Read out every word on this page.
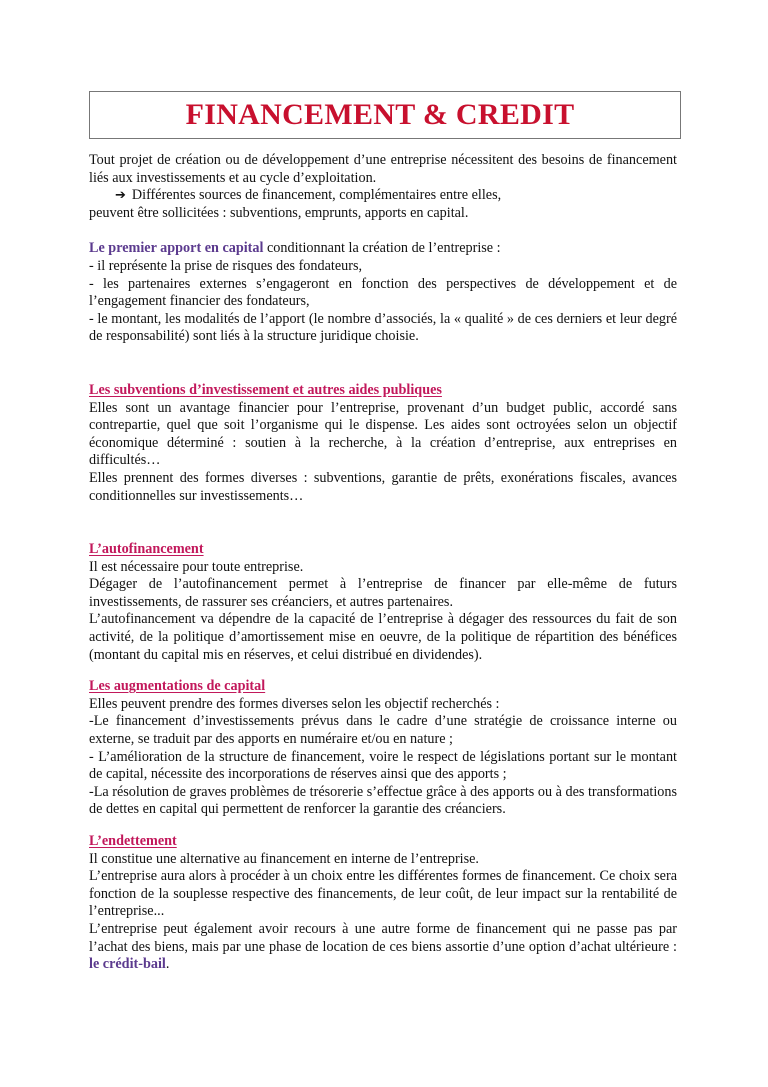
FINANCEMENT & CREDIT

Tout projet de création ou de développement d’une entreprise nécessitent des besoins de financement liés aux investissements et au cycle d’exploitation.

➔ Différentes sources de financement, complémentaires entre elles,

peuvent être sollicitées : subventions, emprunts, apports en capital.

Le premier apport en capital conditionnant la création de l’entreprise :

- il représente la prise de risques des fondateurs,

- les partenaires externes s’engageront en fonction des perspectives de développement et de l’engagement financier des fondateurs,

- le montant, les modalités de l’apport (le nombre d’associés, la « qualité » de ces derniers et leur degré de responsabilité) sont liés à la structure juridique choisie.

Les subventions d’investissement et autres aides publiques

Elles sont un avantage financier pour l’entreprise, provenant d’un budget public, accordé sans contrepartie, quel que soit l’organisme qui le dispense. Les aides sont octroyées selon un objectif économique déterminé : soutien à la recherche, à la création d’entreprise, aux entreprises en difficultés…

Elles prennent des formes diverses : subventions, garantie de prêts, exonérations fiscales, avances conditionnelles sur investissements…

L’autofinancement

Il est nécessaire pour toute entreprise.

Dégager de l’autofinancement permet à l’entreprise de financer par elle-même de futurs investissements, de rassurer ses créanciers, et autres partenaires.

L’autofinancement va dépendre de la capacité de l’entreprise à dégager des ressources du fait de son activité, de la politique d’amortissement mise en oeuvre, de la politique de répartition des bénéfices (montant du capital mis en réserves, et celui distribué en dividendes).

Les augmentations de capital

Elles peuvent prendre des formes diverses selon les objectif recherchés :

-Le financement d’investissements prévus dans le cadre d’une stratégie de croissance interne ou externe, se traduit par des apports en numéraire et/ou en nature ;

- L’amélioration de la structure de financement, voire le respect de législations portant sur le montant de capital, nécessite des incorporations de réserves ainsi que des apports ;

-La résolution de graves problèmes de trésorerie s’effectue grâce à des apports ou à des transformations de dettes en capital qui permettent de renforcer la garantie des créanciers.

L’endettement

Il constitue une alternative au financement en interne de l’entreprise.

L’entreprise aura alors à procéder à un choix entre les différentes formes de financement. Ce choix sera fonction de la souplesse respective des financements, de leur coût, de leur impact sur la rentabilité de l’entreprise...

L’entreprise peut également avoir recours à une autre forme de financement qui ne passe pas par l’achat des biens, mais par une phase de location de ces biens assortie d’une option d’achat ultérieure : le crédit-bail.
